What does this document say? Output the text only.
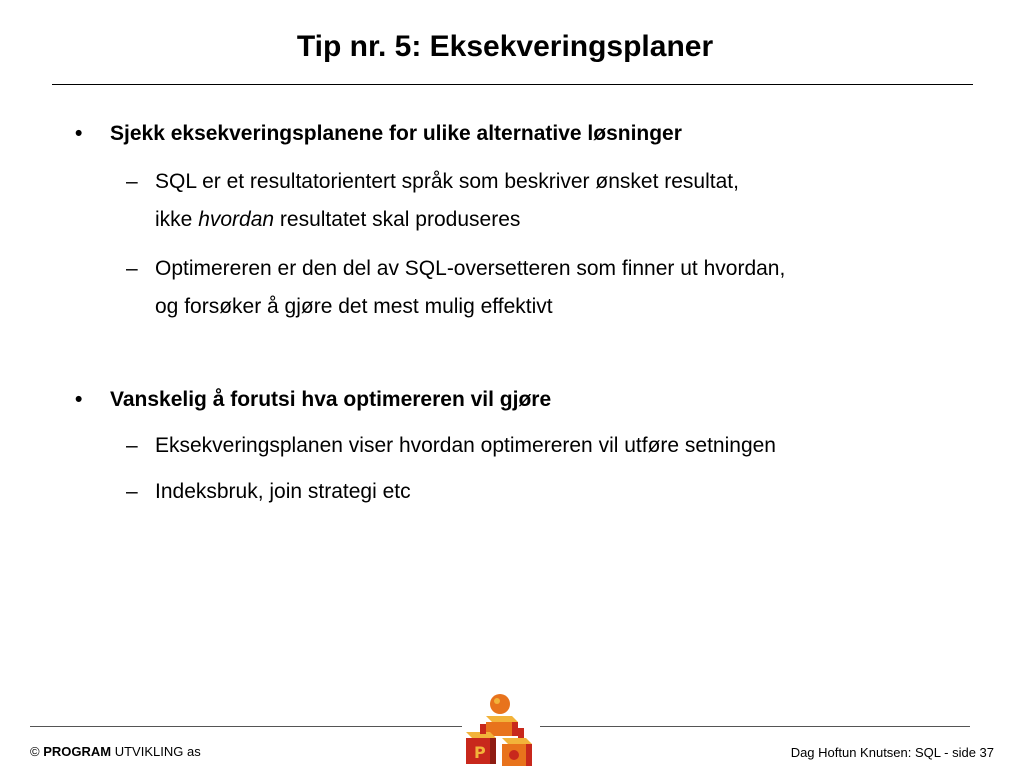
Tip nr. 5: Eksekveringsplaner
• Sjekk eksekveringsplanene for ulike alternative løsninger
– SQL er et resultatorientert språk som beskriver ønsket resultat,
ikke hvordan resultatet skal produseres
– Optimereren er den del av SQL-oversetteren som finner ut hvordan,
og forsøker å gjøre det mest mulig effektivt
• Vanskelig å forutsi hva optimereren vil gjøre
– Eksekveringsplanen viser hvordan optimereren vil utføre setningen
– Indeksbruk, join strategi etc
Ρ
© PROGRAM UTVIKLING as	Dag Hoftun Knutsen: SQL - side 37
